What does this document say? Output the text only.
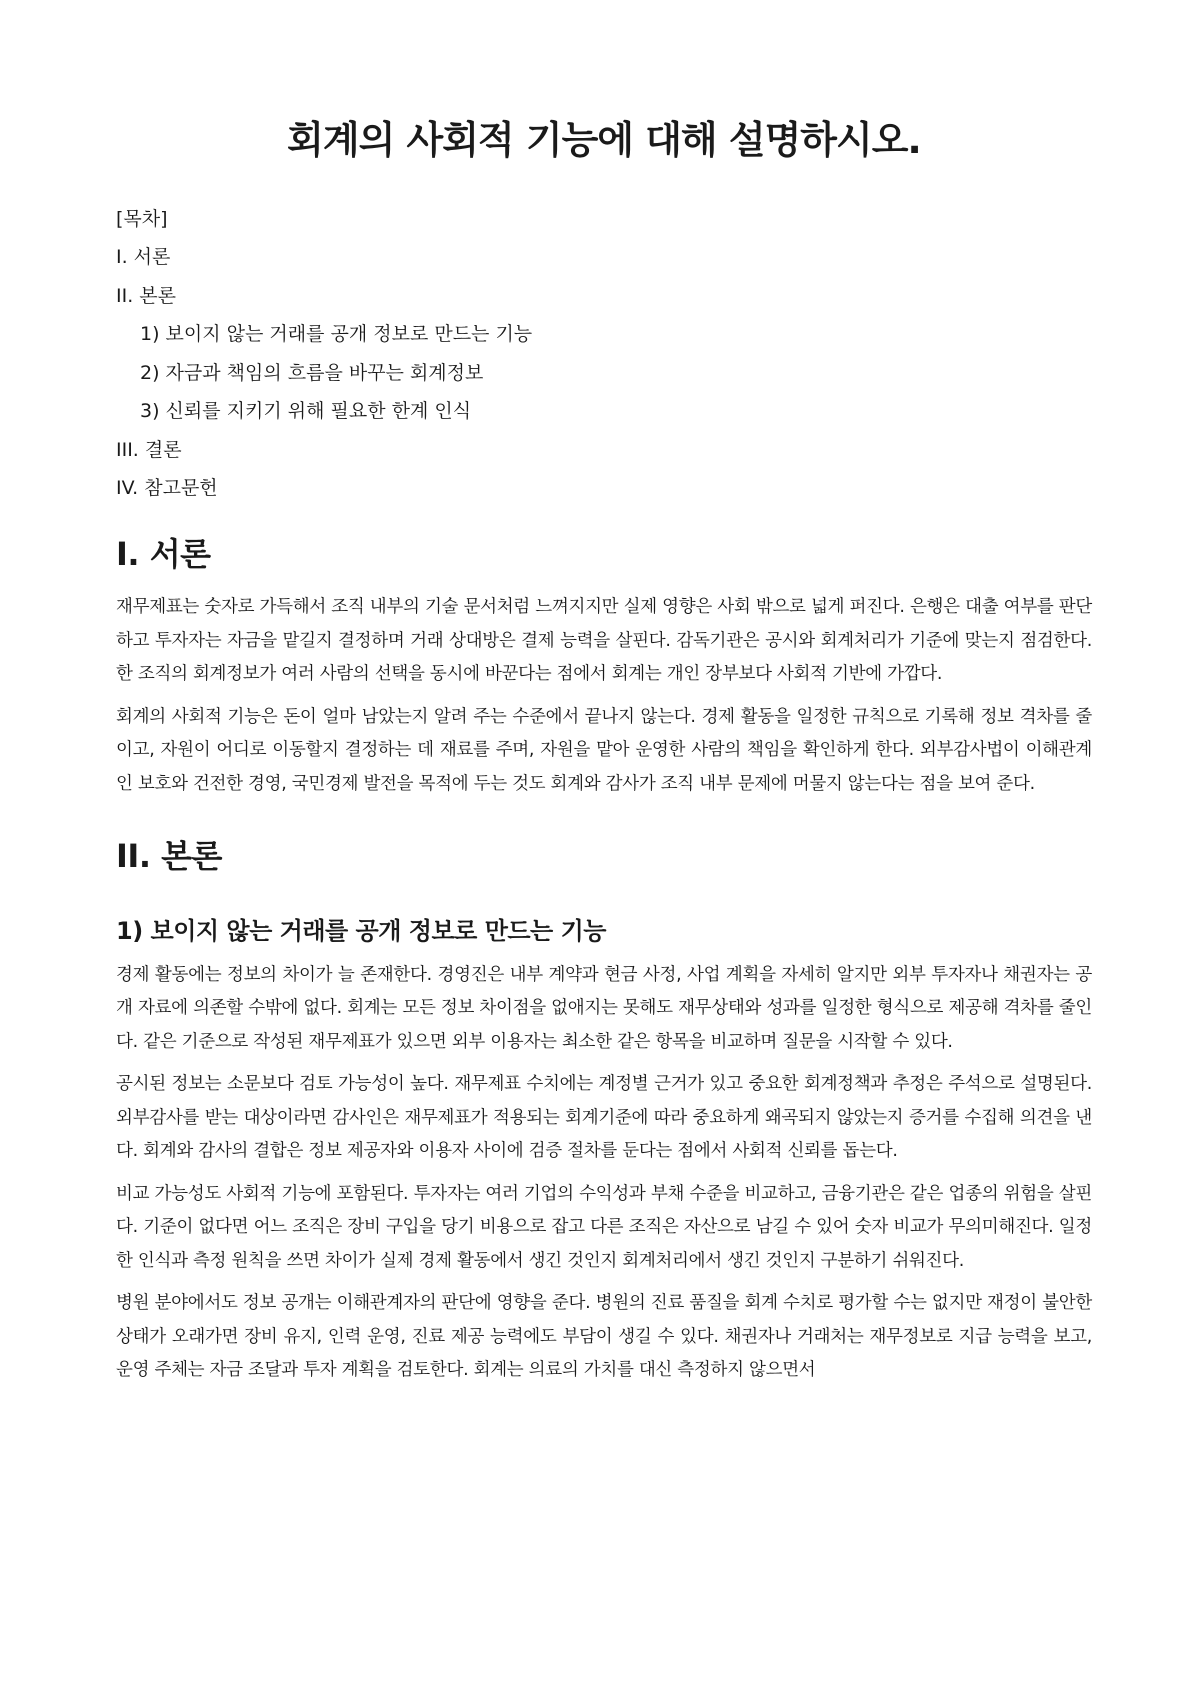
회계의 사회적 기능에 대해 설명하시오.

[목차]

I. 서론

II. 본론

1) 보이지 않는 거래를 공개 정보로 만드는 기능

2) 자금과 책임의 흐름을 바꾸는 회계정보

3) 신뢰를 지키기 위해 필요한 한계 인식

III. 결론

IV. 참고문헌

I. 서론

재무제표는 숫자로 가득해서 조직 내부의 기술 문서처럼 느껴지지만 실제 영향은 사회 밖으로 넓게 퍼진다. 은행은 대출 여부를 판단하고 투자자는 자금을 맡길지 결정하며 거래 상대방은 결제 능력을 살핀다. 감독기관은 공시와 회계처리가 기준에 맞는지 점검한다. 한 조직의 회계정보가 여러 사람의 선택을 동시에 바꾼다는 점에서 회계는 개인 장부보다 사회적 기반에 가깝다.

회계의 사회적 기능은 돈이 얼마 남았는지 알려 주는 수준에서 끝나지 않는다. 경제 활동을 일정한 규칙으로 기록해 정보 격차를 줄이고, 자원이 어디로 이동할지 결정하는 데 재료를 주며, 자원을 맡아 운영한 사람의 책임을 확인하게 한다. 외부감사법이 이해관계인 보호와 건전한 경영, 국민경제 발전을 목적에 두는 것도 회계와 감사가 조직 내부 문제에 머물지 않는다는 점을 보여 준다.

II. 본론
1) 보이지 않는 거래를 공개 정보로 만드는 기능

경제 활동에는 정보의 차이가 늘 존재한다. 경영진은 내부 계약과 현금 사정, 사업 계획을 자세히 알지만 외부 투자자나 채권자는 공개 자료에 의존할 수밖에 없다. 회계는 모든 정보 차이점을 없애지는 못해도 재무상태와 성과를 일정한 형식으로 제공해 격차를 줄인다. 같은 기준으로 작성된 재무제표가 있으면 외부 이용자는 최소한 같은 항목을 비교하며 질문을 시작할 수 있다.

공시된 정보는 소문보다 검토 가능성이 높다. 재무제표 수치에는 계정별 근거가 있고 중요한 회계정책과 추정은 주석으로 설명된다. 외부감사를 받는 대상이라면 감사인은 재무제표가 적용되는 회계기준에 따라 중요하게 왜곡되지 않았는지 증거를 수집해 의견을 낸다. 회계와 감사의 결합은 정보 제공자와 이용자 사이에 검증 절차를 둔다는 점에서 사회적 신뢰를 돕는다.

비교 가능성도 사회적 기능에 포함된다. 투자자는 여러 기업의 수익성과 부채 수준을 비교하고, 금융기관은 같은 업종의 위험을 살핀다. 기준이 없다면 어느 조직은 장비 구입을 당기 비용으로 잡고 다른 조직은 자산으로 남길 수 있어 숫자 비교가 무의미해진다. 일정한 인식과 측정 원칙을 쓰면 차이가 실제 경제 활동에서 생긴 것인지 회계처리에서 생긴 것인지 구분하기 쉬워진다.

병원 분야에서도 정보 공개는 이해관계자의 판단에 영향을 준다. 병원의 진료 품질을 회계 수치로 평가할 수는 없지만 재정이 불안한 상태가 오래가면 장비 유지, 인력 운영, 진료 제공 능력에도 부담이 생길 수 있다. 채권자나 거래처는 재무정보로 지급 능력을 보고, 운영 주체는 자금 조달과 투자 계획을 검토한다. 회계는 의료의 가치를 대신 측정하지 않으면서
